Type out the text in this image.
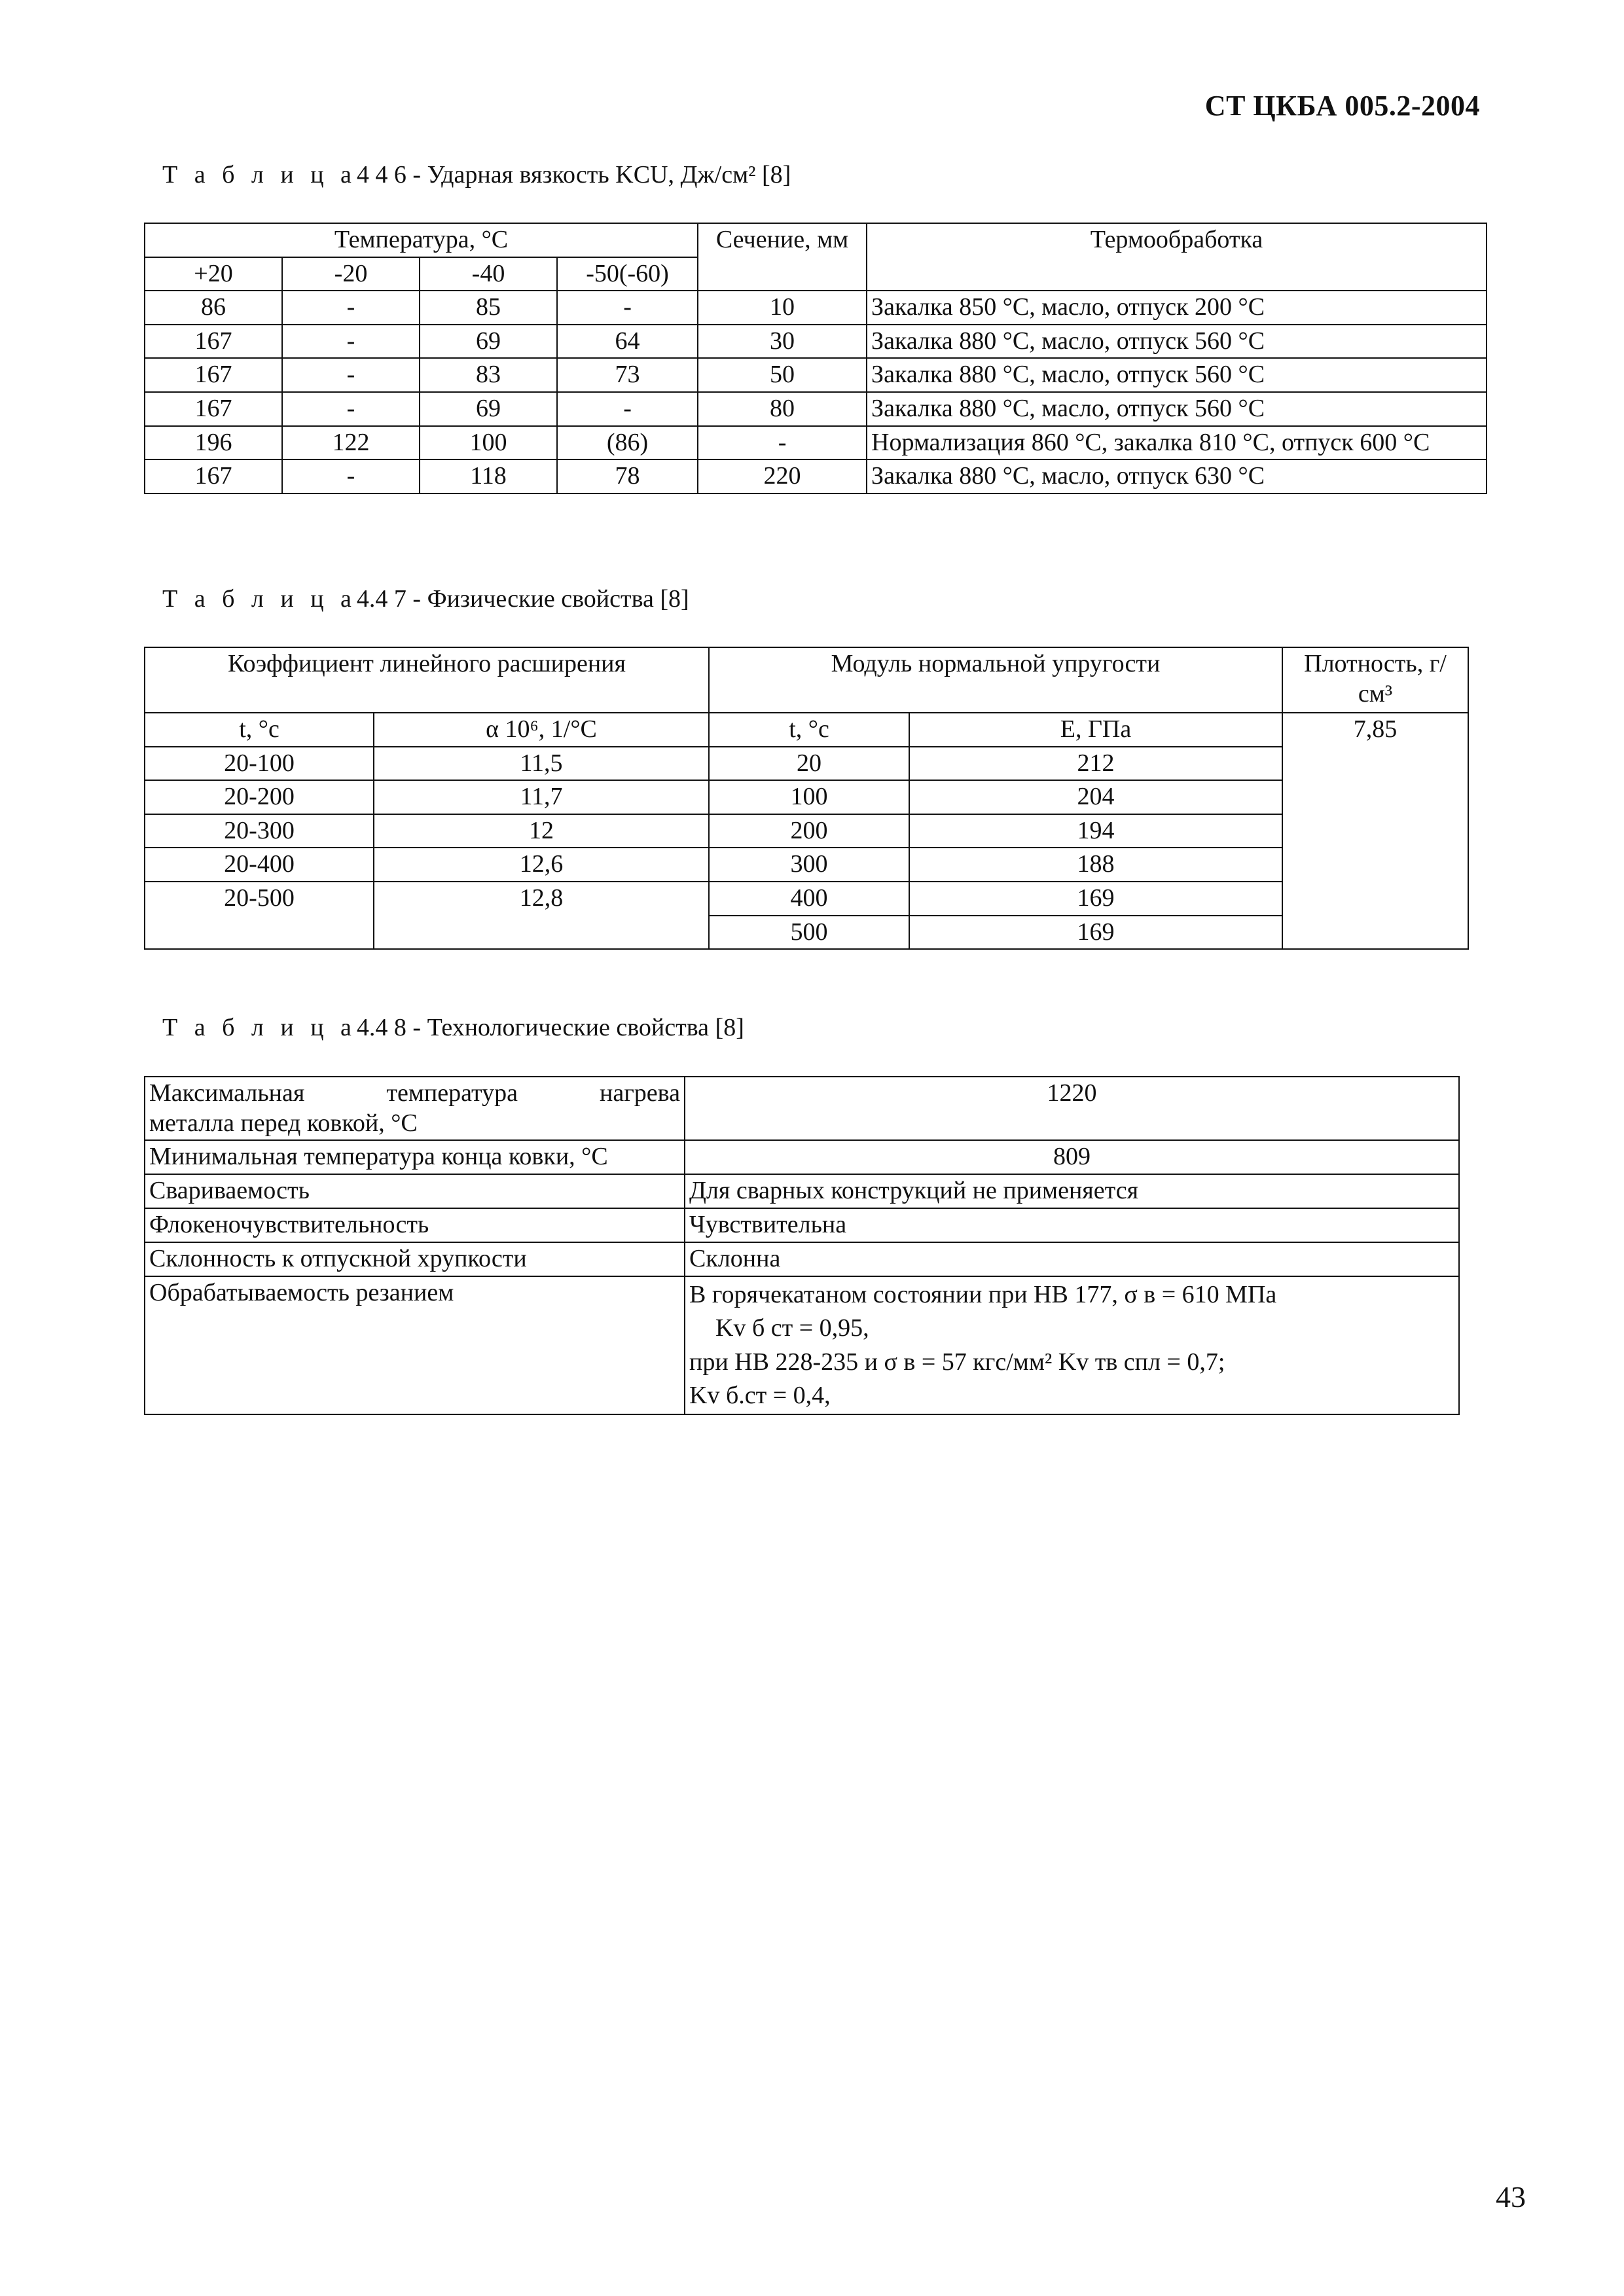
СТ ЦКБА 005.2-2004
Т а б л и ц а4 4 6 - Ударная вязкость KCU, Дж/см² [8]
Температура, °С				Сечение, мм	Термообработка
+20	-20	-40	-50(-60)		
86	-	85	-	10	Закалка 850 °С, масло, отпуск 200 °С
167	-	69	64	30	Закалка 880 °С, масло, отпуск 560 °С
167	-	83	73	50	Закалка 880 °С, масло, отпуск 560 °С
167	-	69	-	80	Закалка 880 °С, масло, отпуск 560 °С
196	122	100	(86)	-	Нормализация 860 °С, закалка 810 °С, отпуск 600 °С
167	-	118	78	220	Закалка 880 °С, масло, отпуск 630 °С
Т а б л и ц а4.4 7 - Физические свойства [8]
Коэффициент линейного расширения		Модуль нормальной упругости		Плотность, г/см³
t, °c	α 10⁶, 1/°С	t, °c	Е, ГПа	7,85
20-100	11,5	20	212	
20-200	11,7	100	204	
20-300	12	200	194	
20-400	12,6	300	188	
20-500	12,8	400	169	
		500	169	
Т а б л и ц а4.4 8 - Технологические свойства [8]
Максимальная температура нагрева
металла перед ковкой, °С	1220
Минимальная температура конца ковки, °С	809
Свариваемость	Для сварных конструкций не применяется
Флокеночувствительность	Чувствительна
Склонность к отпускной хрупкости	Склонна
Обрабатываемость резанием	В горячекатаном состоянии при НВ 177, σ в = 610 МПа
Kv б ст = 0,95,
при НВ 228-235 и σ в = 57 кгс/мм² Kv тв спл = 0,7;
Kv б.ст = 0,4,
43
